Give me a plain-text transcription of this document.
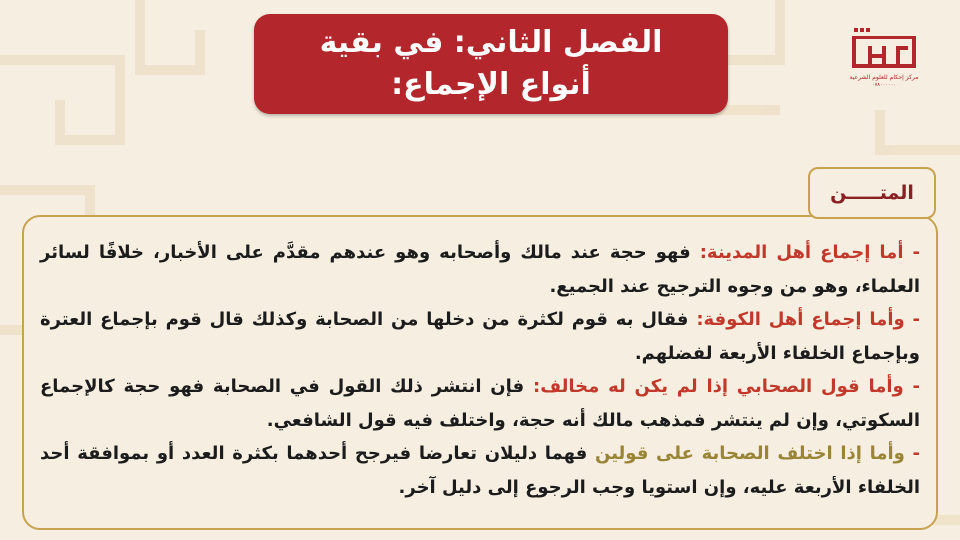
الفصل الثاني: في بقية
أنواع الإجماع:	مركز إحكام للعلوم الشرعية
٠٧٨٠٠٠٠٠٠
المتـــــن
- أما إجماع أهل المدينة: فهو حجة عند مالك وأصحابه وهو عندهم مقدَّم على الأخبار، خلافًا لسائر العلماء، وهو من وجوه الترجيح عند الجميع.
- وأما إجماع أهل الكوفة: فقال به قوم لكثرة من دخلها من الصحابة وكذلك قال قوم بإجماع العترة وبإجماع الخلفاء الأربعة لفضلهم.
- وأما قول الصحابي إذا لم يكن له مخالف: فإن انتشر ذلك القول في الصحابة فهو حجة كالإجماع السكوتي، وإن لم ينتشر فمذهب مالك أنه حجة، واختلف فيه قول الشافعي.
- وأما إذا اختلف الصحابة على قولين فهما دليلان تعارضا فيرجح أحدهما بكثرة العدد أو بموافقة أحد الخلفاء الأربعة عليه، وإن استويا وجب الرجوع إلى دليل آخر.
